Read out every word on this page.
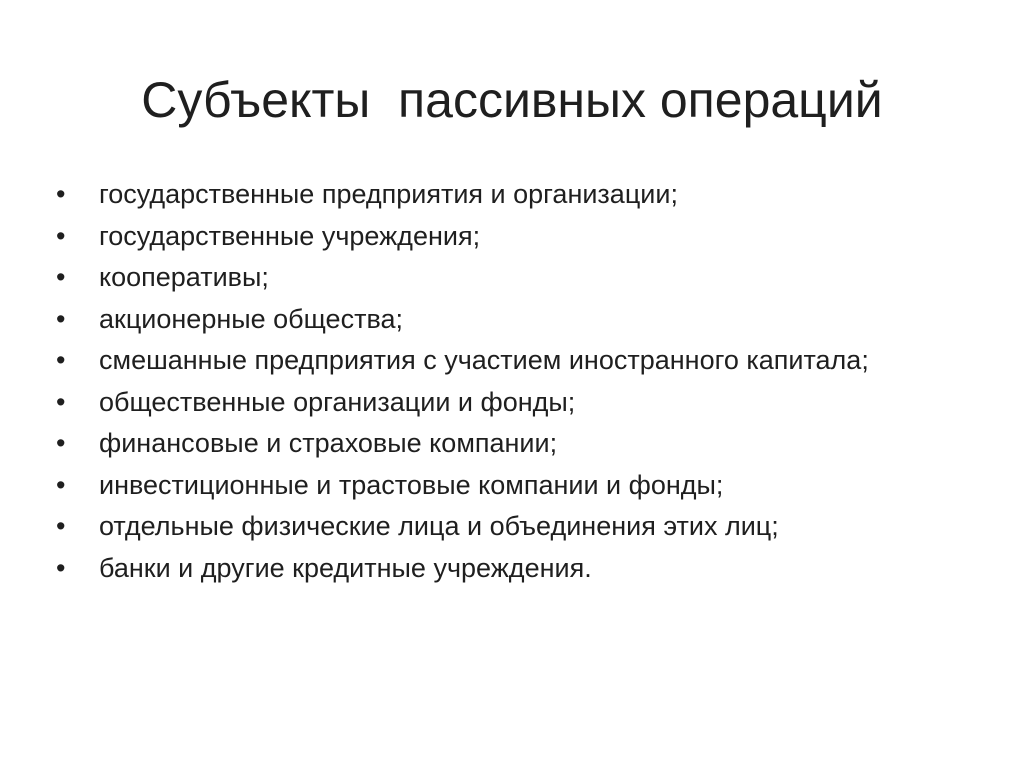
Субъекты  пассивных операций
• государственные предприятия и организации;
• государственные учреждения;
• кооперативы;
• акционерные общества;
• смешанные предприятия с участием иностранного капитала;
• общественные организации и фонды;
• финансовые и страховые компании;
• инвестиционные и трастовые компании и фонды;
• отдельные физические лица и объединения этих лиц;
• банки и другие кредитные учреждения.
